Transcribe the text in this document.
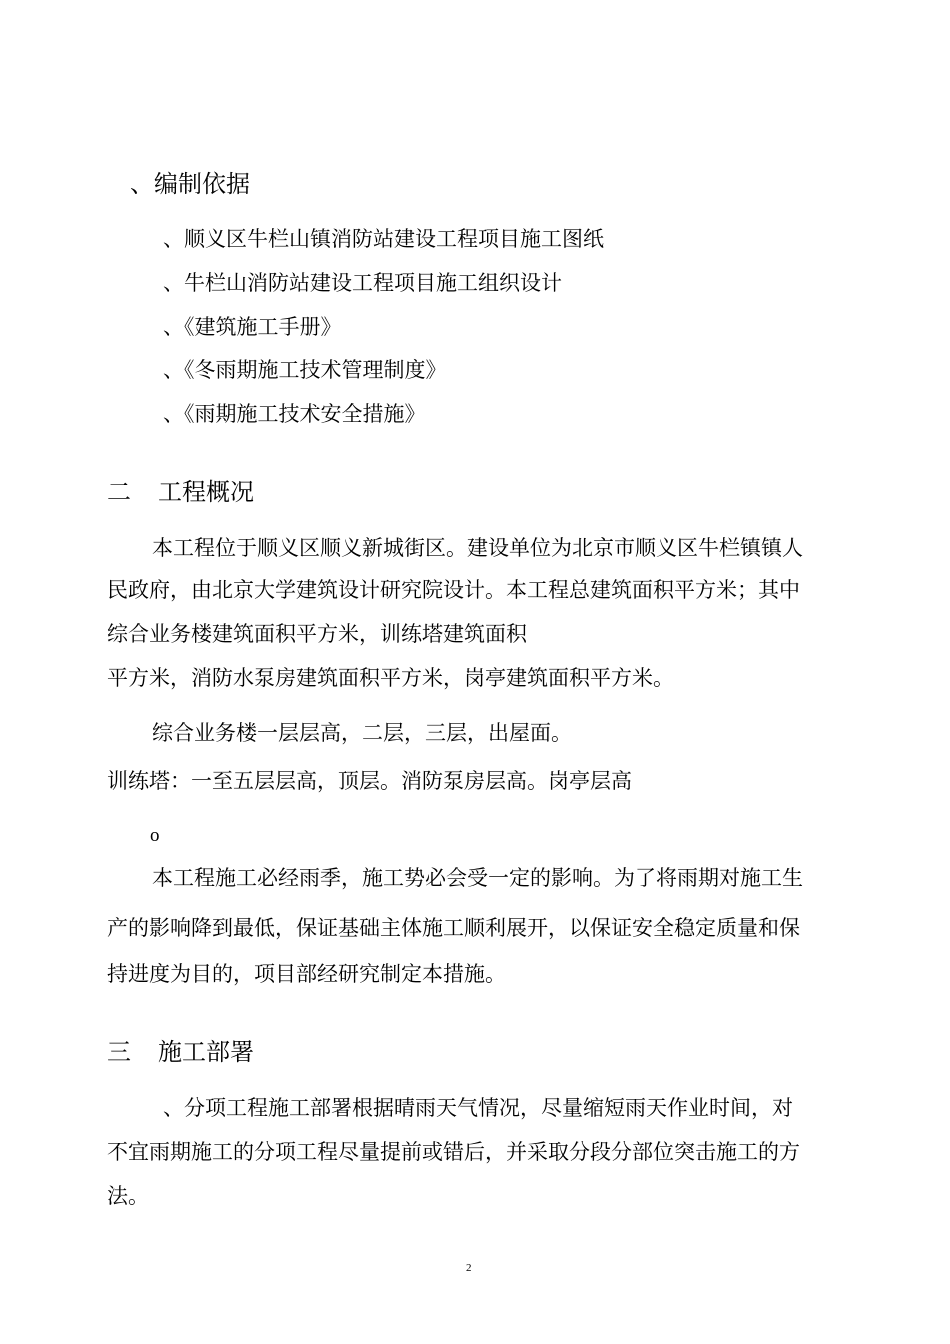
、编制依据
、顺义区牛栏山镇消防站建设工程项目施工图纸
、牛栏山消防站建设工程项目施工组织设计
、《建筑施工手册》
、《冬雨期施工技术管理制度》
、《雨期施工技术安全措施》
二 工程概况
本工程位于顺义区顺义新城街区。建设单位为北京市顺义区牛栏镇镇人
民政府，由北京大学建筑设计研究院设计。本工程总建筑面积平方米；其中
综合业务楼建筑面积平方米，训练塔建筑面积
平方米，消防水泵房建筑面积平方米，岗亭建筑面积平方米。
综合业务楼一层层高，二层，三层，出屋面。
训练塔：一至五层层高，顶层。消防泵房层高。岗亭层高
o
本工程施工必经雨季，施工势必会受一定的影响。为了将雨期对施工生
产的影响降到最低，保证基础主体施工顺利展开，以保证安全稳定质量和保
持进度为目的，项目部经研究制定本措施。
三 施工部署
、分项工程施工部署根据晴雨天气情况，尽量缩短雨天作业时间，对
不宜雨期施工的分项工程尽量提前或错后，并采取分段分部位突击施工的方
法。
2
